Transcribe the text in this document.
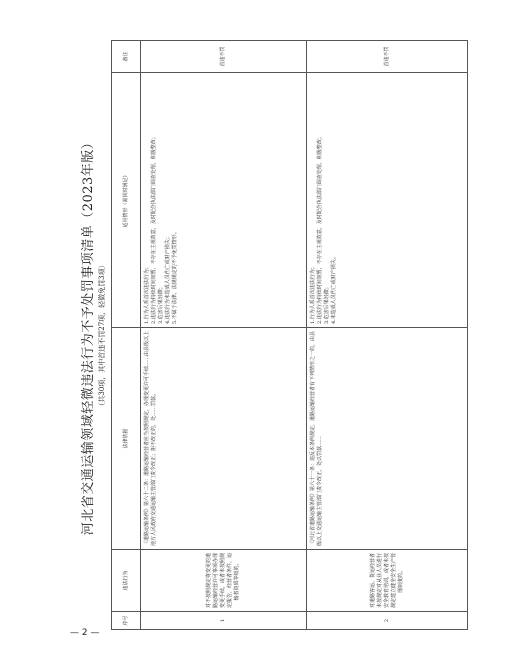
河北省交通运输领域轻微违法行为不予处罚事项清单（2023年版） （共30项，其中首违不罚27项，轻微免罚3项）
序号	违法行为	法律依据	适用情形（需同时满足）	备注
1	对不按照规定将变更的道路运输经营许可事项办理变更手续，或者未按照规定报告，经营者条件、运输者资质等级的。	《道路运输条例》第六十二条：道路运输经营者应当按照规定，办理变更许可手续……由县级以上地方人民政府交通运输主管部门责令改正；拒不改正的，处……罚款。	1.行为人系首次违法行为；
2.违法行为持续时间短暂，不存在主观故意，及时配合执法部门调查处理，积极整改；
3.危害后果轻微；
4.违法行为未造成人员伤亡或财产损失；
5.不属于法律、法规规定的不予免罚情形。	首违不罚
2	对道路客运、货运经营者未按规定对从业人员进行安全教育培训，或者未按规定建立健全安全生产管理制度的。	《河北省道路运输条例》第六十一条：违反本条例规定，道路运输经营者有下列情形之一的，由县级以上交通运输主管部门责令改正，处以罚款……	1.行为人系首次违法行为；
2.违法行为持续时间短暂，不存在主观故意，及时配合执法部门调查处理，积极整改；
3.危害后果轻微；
4.未造成人员伤亡或财产损失。	首违不罚
— 2 —
